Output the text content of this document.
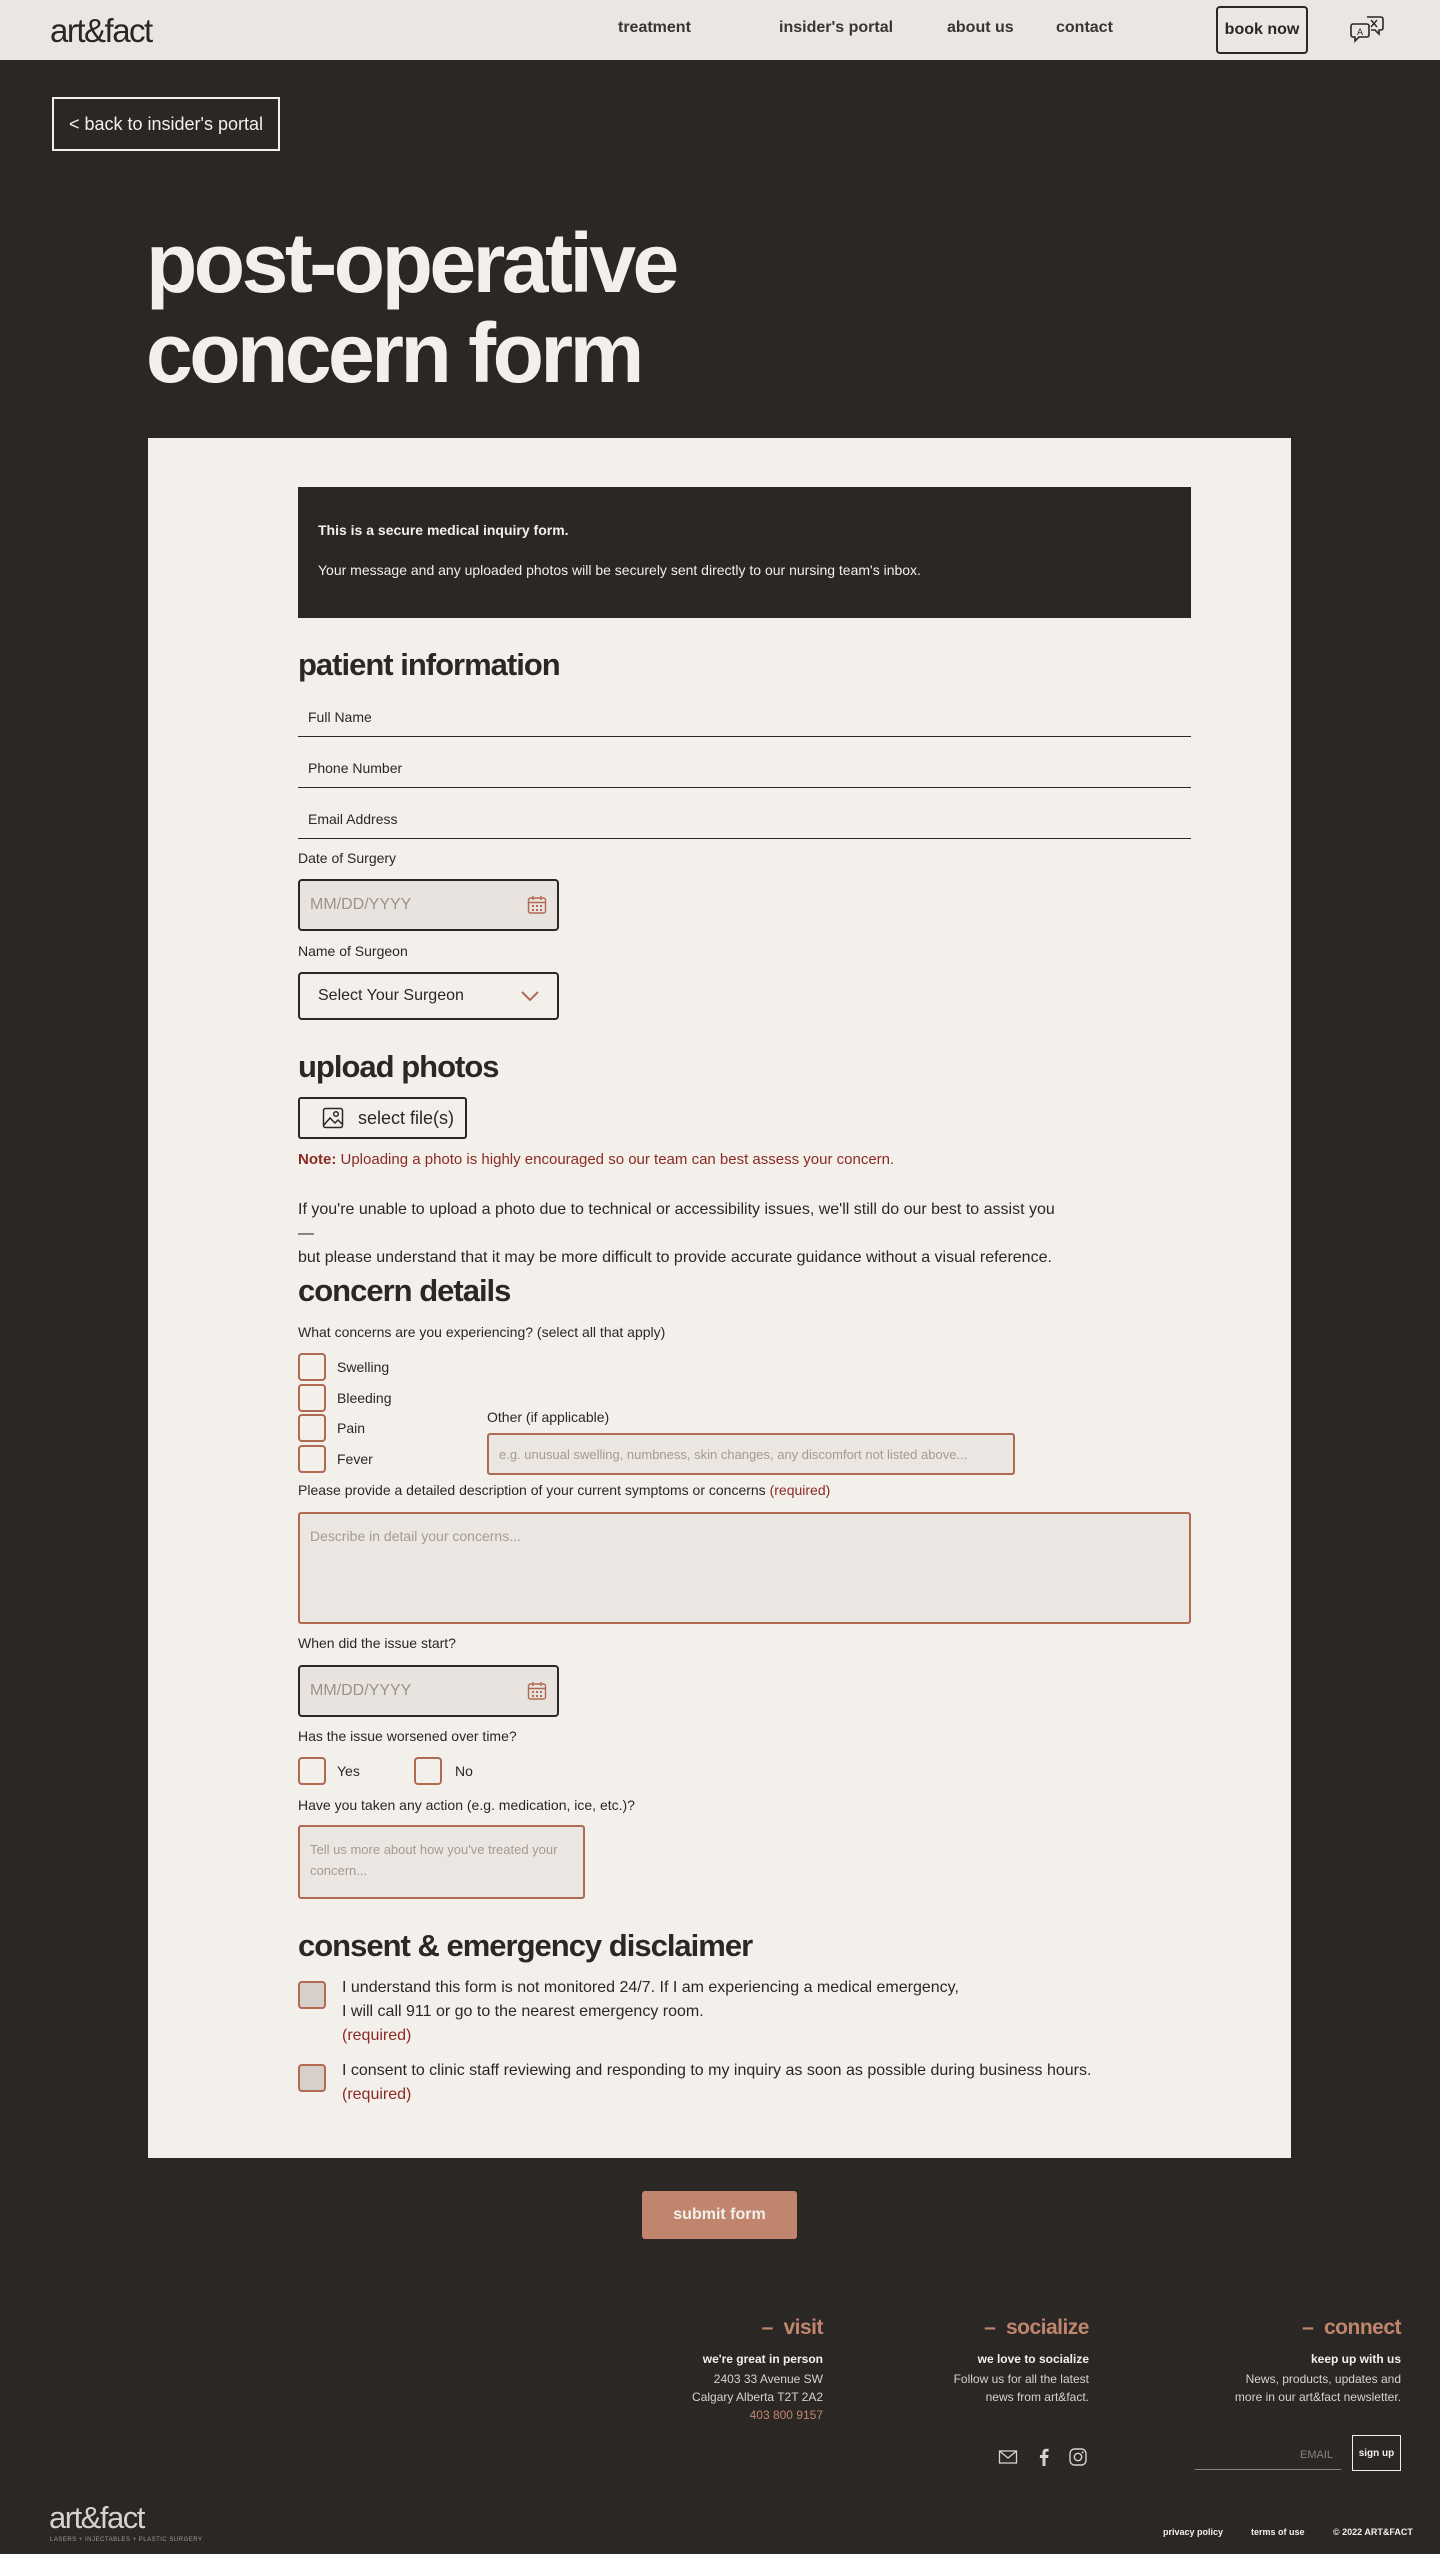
art&fact	treatment	insider's portal	about us	contact	book now	A
< back to insider's portal
post-operative
concern form
This is a secure medical inquiry form.
Your message and any uploaded photos will be securely sent directly to our nursing team's inbox.
patient information
Full Name
Phone Number
Email Address
Date of Surgery
MM/DD/YYYY
Name of Surgeon
Select Your Surgeon
upload photos
select file(s)
Note: Uploading a photo is highly encouraged so our team can best assess your concern.
If you're unable to upload a photo due to technical or accessibility issues, we'll still do our best to assist you—
but please understand that it may be more difficult to provide accurate guidance without a visual reference.
concern details
What concerns are you experiencing? (select all that apply)
Swelling
Bleeding
Pain
Fever
Other (if applicable)
e.g. unusual swelling, numbness, skin changes, any discomfort not listed above...
Please provide a detailed description of your current symptoms or concerns (required)
Describe in detail your concerns...
When did the issue start?
MM/DD/YYYY
Has the issue worsened over time?
Yes	No
Have you taken any action (e.g. medication, ice, etc.)?
Tell us more about how you've treated your concern...
consent & emergency disclaimer
I understand this form is not monitored 24/7. If I am experiencing a medical emergency,
I will call 911 or go to the nearest emergency room.
(required)
I consent to clinic staff reviewing and responding to my inquiry as soon as possible during business hours.
(required)
submit form
–  visit
we're great in person
2403 33 Avenue SW
Calgary Alberta T2T 2A2
403 800 9157
–  socialize
we love to socialize
Follow us for all the latest
news from art&fact.
–  connect
keep up with us
News, products, updates and
more in our art&fact newsletter.
EMAIL	sign up
art&fact
LASERS + INJECTABLES + PLASTIC SURGERY
privacy policy	terms of use	© 2022 ART&FACT
